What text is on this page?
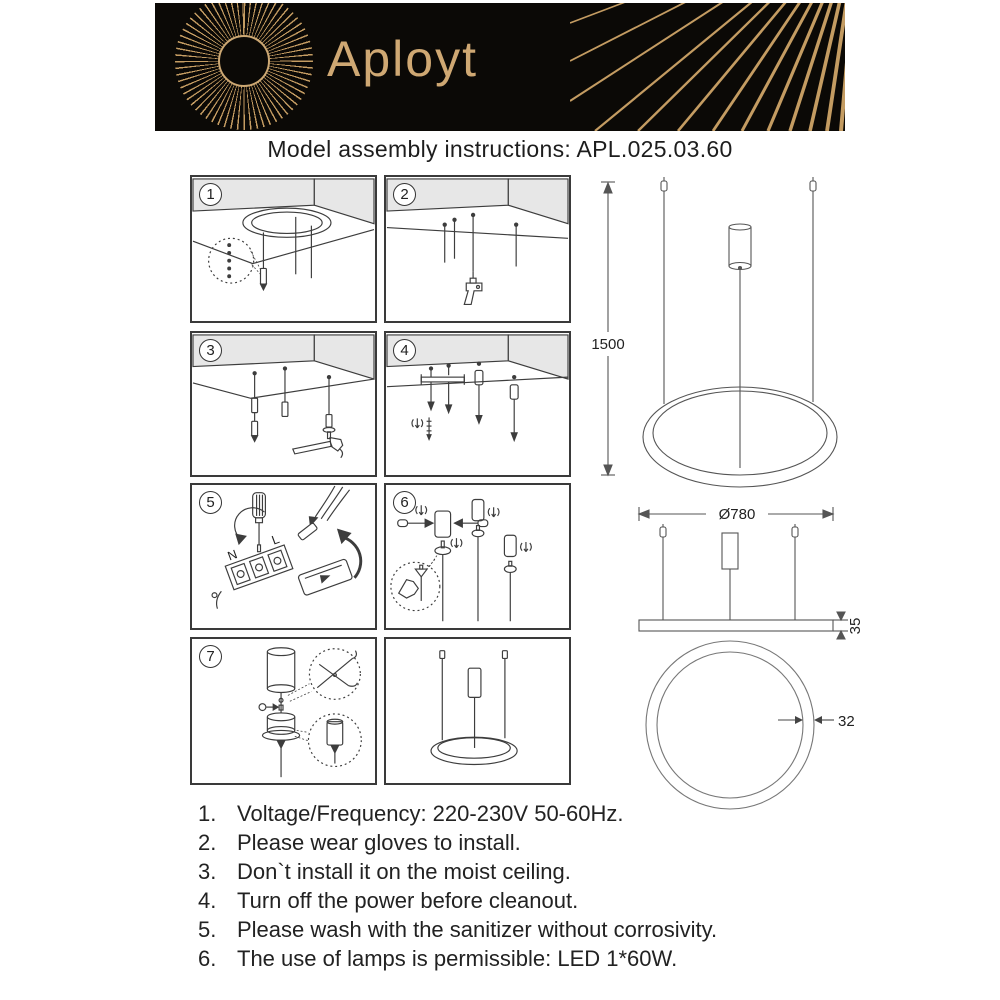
Aployt
Model assembly instructions: APL.025.03.60
1	2
3	4
5
N
L
6
7
1500
Ø780
35
32
1. Voltage/Frequency: 220-230V 50-60Hz.
2. Please wear gloves to install.
3. Don`t install it on the moist ceiling.
4. Turn off the power before cleanout.
5. Please wash with the sanitizer without corrosivity.
6. The use of lamps is permissible: LED 1*60W.
